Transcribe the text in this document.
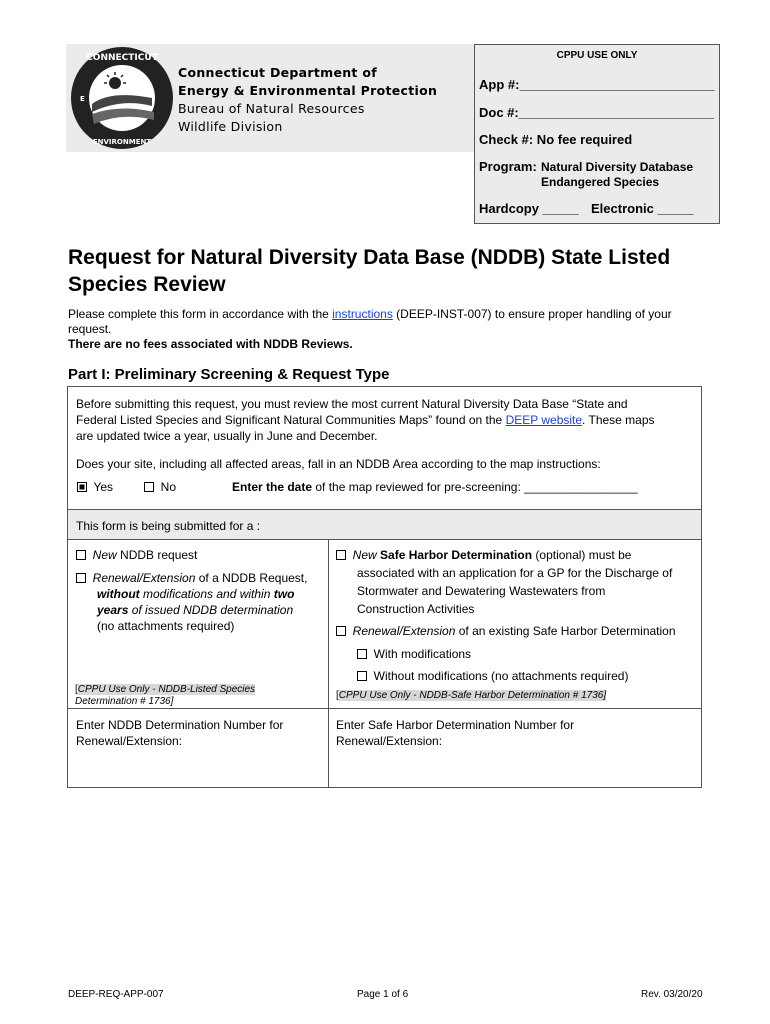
CONNECTICUT
E
ENVIRONMENT
Connecticut Department of
Energy & Environmental Protection
Bureau of Natural Resources
Wildlife Division
CPPU USE ONLY
App #:___________________________
Doc #:___________________________
Check #: No fee required
Program: Natural Diversity Database
Endangered Species
Hardcopy _____ Electronic _____
Request for Natural Diversity Data Base (NDDB) State Listed
Species Review
Please complete this form in accordance with the instructions (DEEP-INST-007) to ensure proper handling of your
request.
There are no fees associated with NDDB Reviews.
Part I: Preliminary Screening & Request Type
Before submitting this request, you must review the most current Natural Diversity Data Base “State and
Federal Listed Species and Significant Natural Communities Maps” found on the DEEP website. These maps
are updated twice a year, usually in June and December.
Does your site, including all affected areas, fall in an NDDB Area according to the map instructions:
Yes	No	Enter the date of the map reviewed for pre-screening: _________________
This form is being submitted for a :
New NDDB request
Renewal/Extension of a NDDB Request,
without modifications and within two
years of issued NDDB determination
(no attachments required)
[CPPU Use Only - NDDB-Listed Species
Determination # 1736]
New Safe Harbor Determination (optional) must be
associated with an application for a GP for the Discharge of
Stormwater and Dewatering Wastewaters from
Construction Activities
Renewal/Extension of an existing Safe Harbor Determination
With modifications
Without modifications (no attachments required)
[CPPU Use Only - NDDB-Safe Harbor Determination # 1736]
Enter NDDB Determination Number for
Renewal/Extension:
Enter Safe Harbor Determination Number for
Renewal/Extension:
DEEP-REQ-APP-007	Page 1 of 6	Rev. 03/20/20
